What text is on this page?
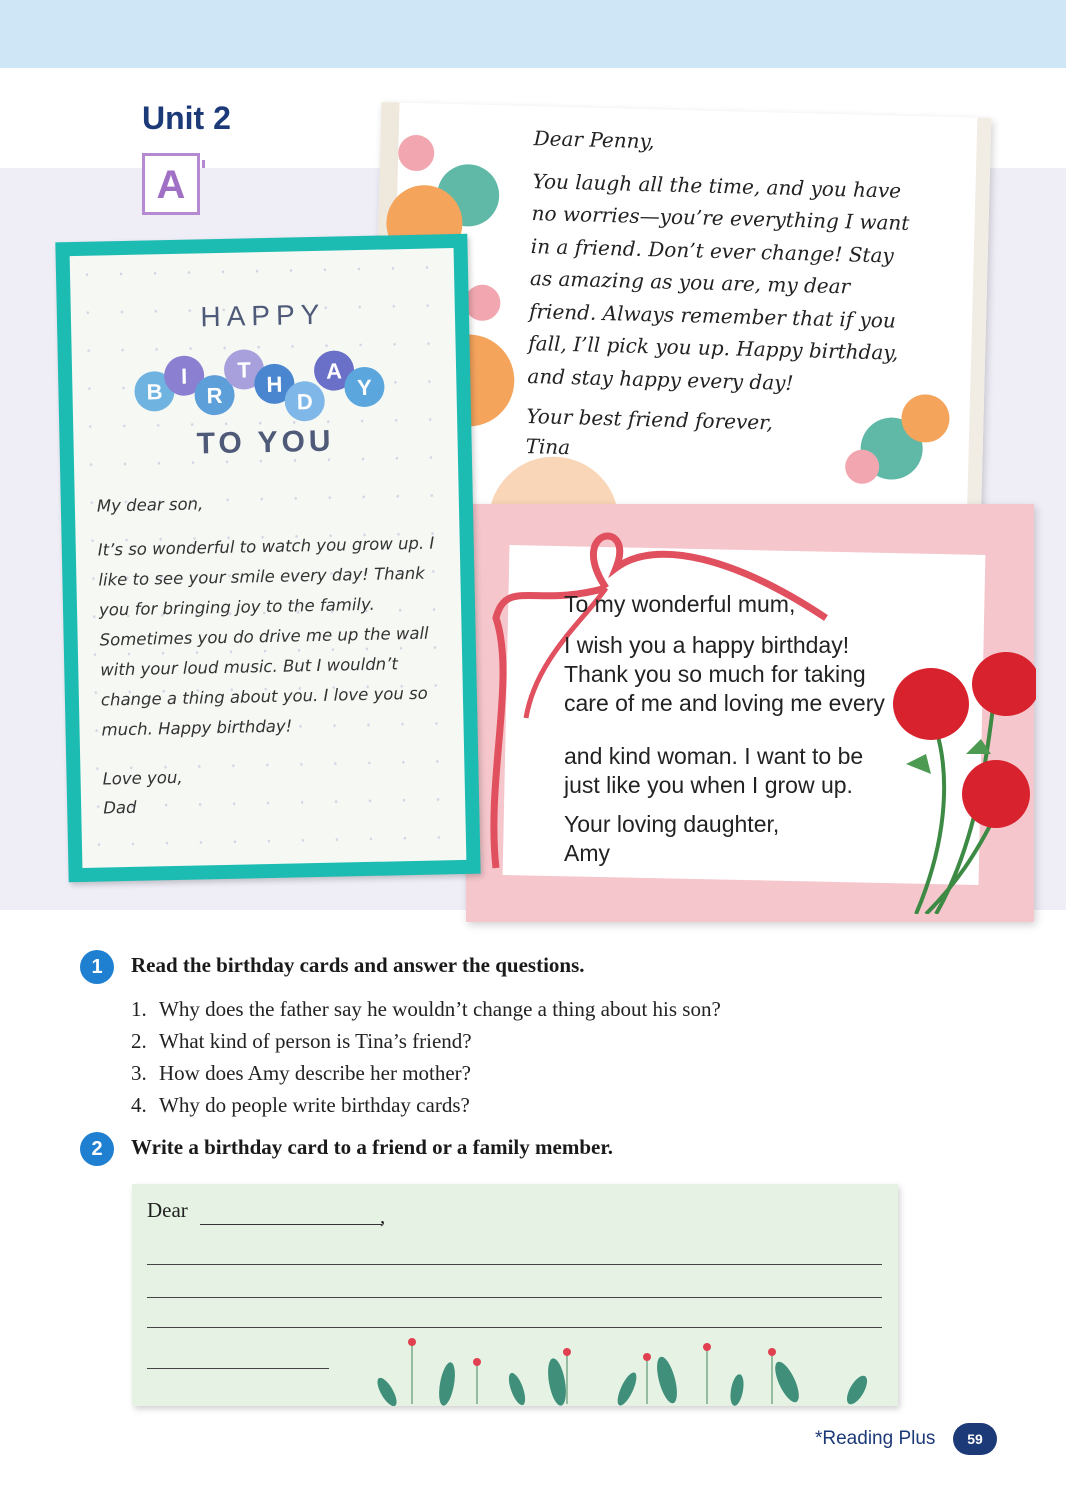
Unit 2
A

Dear Penny,

You laugh all the time, and you have no worries—you’re everything I want in a friend. Don’t ever change! Stay as amazing as you are, my dear friend. Always remember that if you fall, I’ll pick you up. Happy birthday, and stay happy every day!

Your best friend forever,

Tina

To my wonderful mum,

I wish you a happy birthday! Thank you so much for taking care of me and loving me every

and kind woman. I want to be just like you when I grow up.

Your loving daughter,

Amy

HAPPY
B
I
R
T
H
D
A
Y
TO YOU

My dear son,

It’s so wonderful to watch you grow up. I like to see your smile every day! Thank you for bringing joy to the family. Sometimes you do drive me up the wall with your loud music. But I wouldn’t change a thing about you. I love you so much. Happy birthday!

Love you,

Dad

1	Read the birthday cards and answer the questions.
1. Why does the father say he wouldn’t change a thing about his son?
2. What kind of person is Tina’s friend?
3. How does Amy describe her mother?
4. Why do people write birthday cards?
2	Write a birthday card to a friend or a family member.
Dear	,
*Reading Plus	59
